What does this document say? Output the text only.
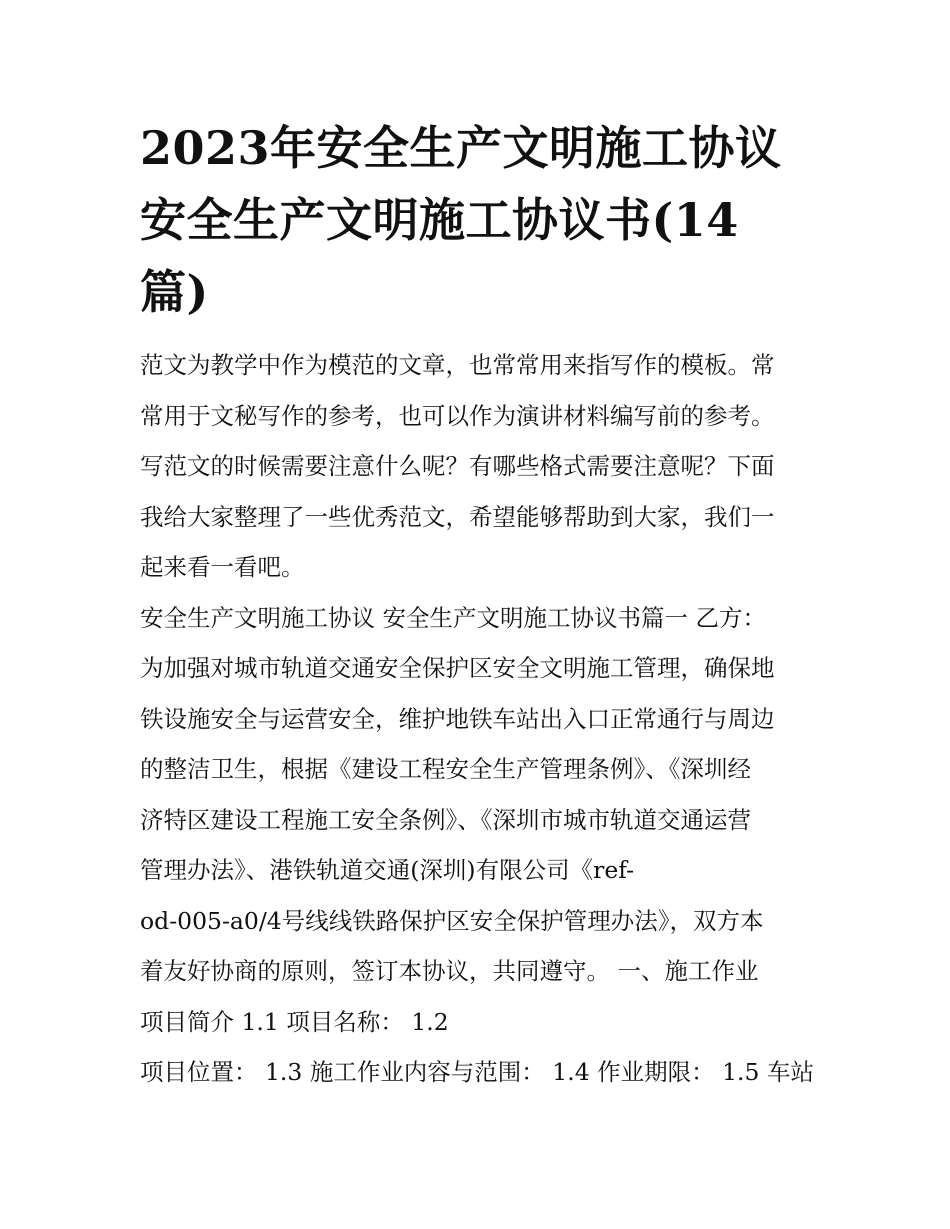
2023年安全生产文明施工协议
安全生产文明施工协议书(14
篇)

范文为教学中作为模范的文章，也常常用来指写作的模板。常
常用于文秘写作的参考，也可以作为演讲材料编写前的参考。
写范文的时候需要注意什么呢？有哪些格式需要注意呢？下面
我给大家整理了一些优秀范文，希望能够帮助到大家，我们一
起来看一看吧。

安全生产文明施工协议 安全生产文明施工协议书篇一 乙方：
为加强对城市轨道交通安全保护区安全文明施工管理，确保地
铁设施安全与运营安全，维护地铁车站出入口正常通行与周边
的整洁卫生，根据《建设工程安全生产管理条例》、《深圳经
济特区建设工程施工安全条例》、《深圳市城市轨道交通运营
管理办法》、港铁轨道交通(深圳)有限公司《ref-
od-005-a0/4号线线铁路保护区安全保护管理办法》，双方本
着友好协商的原则，签订本协议，共同遵守。 一、施工作业
项目简介 1.1 项目名称： 1.2

项目位置： 1.3 施工作业内容与范围： 1.4 作业期限： 1.5 车站
